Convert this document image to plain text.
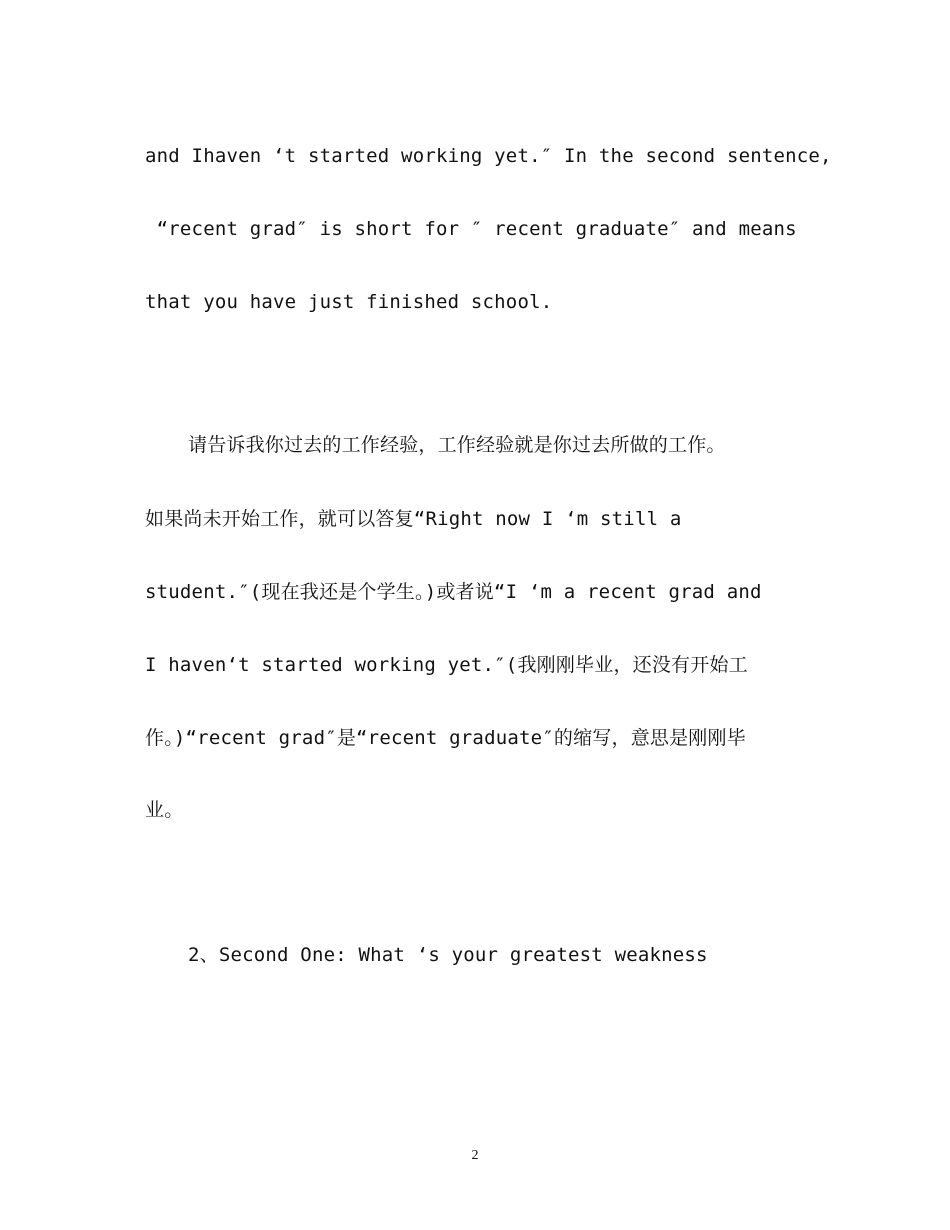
and Ihaven ‘t started working yet.″ In the second sentence,
“recent grad″ is short for ″ recent graduate″ and means
that you have just finished school.
请告诉我你过去的工作经验，工作经验就是你过去所做的工作。
如果尚未开始工作，就可以答复“Right now I ‘m still a
student.″(现在我还是个学生。)或者说“I ‘m a recent grad and
I haven‘t started working yet.″(我刚刚毕业，还没有开始工
作。)“recent grad″是“recent graduate″的缩写，意思是刚刚毕
业。
2、Second One: What ‘s your greatest weakness
2
